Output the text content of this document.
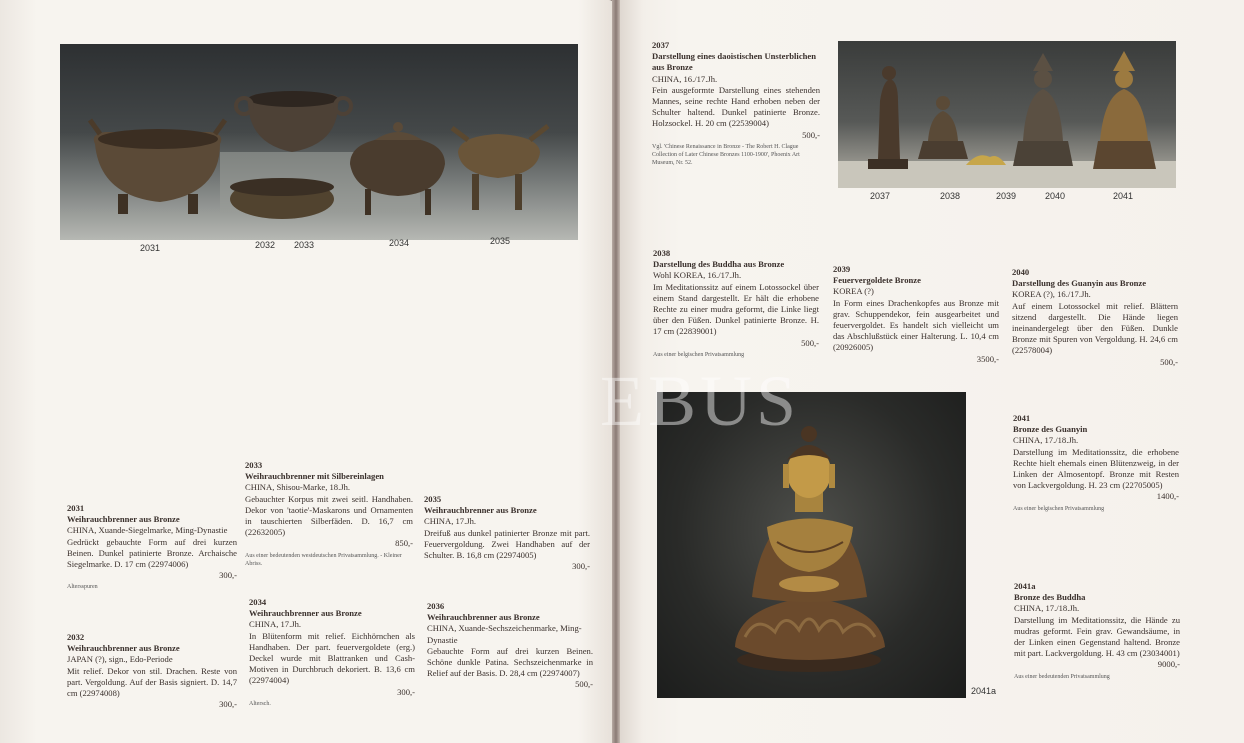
2031	2032 2033	2034	2035
2037	2038	2039	2040	2041
2041a
EBUS
2031
Weihrauchbrenner aus Bronze
CHINA, Xuande-Siegelmarke, Ming-Dynastie
Gedrückt gebauchte Form auf drei kurzen Beinen. Dunkel patinierte Bronze. Archaische Siegelmarke. D. 17 cm (22974006)
300,-
Altersspuren
2032
Weihrauchbrenner aus Bronze
JAPAN (?), sign., Edo-Periode
Mit relief. Dekor von stil. Drachen. Reste von part. Vergoldung. Auf der Basis signiert. D. 14,7 cm (22974008)
300,-
2033
Weihrauchbrenner mit Silbereinlagen
CHINA, Shisou-Marke, 18.Jh.
Gebauchter Korpus mit zwei seitl. Handhaben. Dekor von 'taotie'-Maskarons und Ornamenten in tauschierten Silberfäden. D. 16,7 cm (22632005)
850,-
Aus einer bedeutenden westdeutschen Privatsammlung. - Kleiner Abriss.
2034
Weihrauchbrenner aus Bronze
CHINA, 17.Jh.
In Blütenform mit relief. Eichhörnchen als Handhaben. Der part. feuervergoldete (erg.) Deckel wurde mit Blattranken und Cash-Motiven in Durchbruch dekoriert. B. 13,6 cm (22974004)
300,-
Altersch.
2035
Weihrauchbrenner aus Bronze
CHINA, 17.Jh.
Dreifuß aus dunkel patinierter Bronze mit part. Feuervergoldung. Zwei Handhaben auf der Schulter. B. 16,8 cm (22974005)
300,-
2036
Weihrauchbrenner aus Bronze
CHINA, Xuande-Sechszeichenmarke, Ming-Dynastie
Gebauchte Form auf drei kurzen Beinen. Schöne dunkle Patina. Sechszeichenmarke in Relief auf der Basis. D. 28,4 cm (22974007)
500,-
2037
Darstellung eines daoistischen Unsterblichen aus Bronze
CHINA, 16./17.Jh.
Fein ausgeformte Darstellung eines stehenden Mannes, seine rechte Hand erhoben neben der Schulter haltend. Dunkel patinierte Bronze. Holzsockel. H. 20 cm (22539004)
500,-
Vgl. 'Chinese Renaissance in Bronze - The Robert H. Clague Collection of Later Chinese Bronzes 1100-1900', Phoenix Art Museum, Nr. 52.
2038
Darstellung des Buddha aus Bronze
Wohl KOREA, 16./17.Jh.
Im Meditationssitz auf einem Lotossockel über einem Stand dargestellt. Er hält die erhobene Rechte zu einer mudra geformt, die Linke liegt über den Füßen. Dunkel patinierte Bronze. H. 17 cm (22839001)
500,-
Aus einer belgischen Privatsammlung
2039
Feuervergoldete Bronze
KOREA (?)
In Form eines Drachenkopfes aus Bronze mit grav. Schuppendekor, fein ausgearbeitet und feuervergoldet. Es handelt sich vielleicht um das Abschlußstück einer Halterung. L. 10,4 cm (20926005)
3500,-
2040
Darstellung des Guanyin aus Bronze
KOREA (?), 16./17.Jh.
Auf einem Lotossockel mit relief. Blättern sitzend dargestellt. Die Hände liegen ineinandergelegt über den Füßen. Dunkle Bronze mit Spuren von Vergoldung. H. 24,6 cm (22578004)
500,-
2041
Bronze des Guanyin
CHINA, 17./18.Jh.
Darstellung im Meditationssitz, die erhobene Rechte hielt ehemals einen Blütenzweig, in der Linken der Almosentopf. Bronze mit Resten von Lackvergoldung. H. 23 cm (22705005)
1400,-
Aus einer belgischen Privatsammlung
2041a
Bronze des Buddha
CHINA, 17./18.Jh.
Darstellung im Meditationssitz, die Hände zu mudras geformt. Fein grav. Gewandsäume, in der Linken einen Gegenstand haltend. Bronze mit part. Lackvergoldung. H. 43 cm (23034001)
9000,-
Aus einer bedeutenden Privatsammlung
